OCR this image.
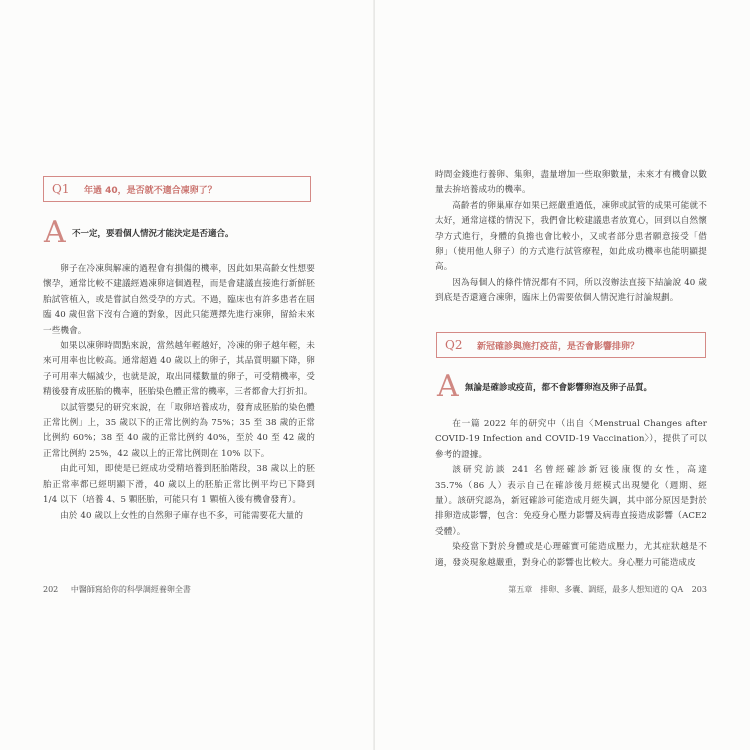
Q1	年過 40，是否就不適合凍卵了？
A 不一定，要看個人情況才能決定是否適合。

卵子在冷凍與解凍的過程會有損傷的機率，因此如果高齡女性想要懷孕，通常比較不建議經過凍卵這個過程，而是會建議直接進行新鮮胚胎試管植入，或是嘗試自然受孕的方式。不過，臨床也有許多患者在屆臨 40 歲但當下沒有合適的對象，因此只能選擇先進行凍卵，留給未來一些機會。

如果以凍卵時間點來說，當然越年輕越好，冷凍的卵子越年輕，未來可用率也比較高。通常超過 40 歲以上的卵子，其品質明顯下降，卵子可用率大幅減少，也就是說，取出同樣數量的卵子，可受精機率，受精後發育成胚胎的機率，胚胎染色體正常的機率，三者都會大打折扣。

以試管嬰兒的研究來說，在「取卵培養成功，發育成胚胎的染色體正常比例」上，35 歲以下的正常比例約為 75%；35 至 38 歲的正常比例約 60%；38 至 40 歲的正常比例約 40%，至於 40 至 42 歲的正常比例約 25%，42 歲以上的正常比例則在 10% 以下。

由此可知，即使是已經成功受精培養到胚胎階段，38 歲以上的胚胎正常率都已經明顯下滑，40 歲以上的胚胎正常比例平均已下降到 1/4 以下（培養 4、5 顆胚胎，可能只有 1 顆植入後有機會發育）。

由於 40 歲以上女性的自然卵子庫存也不多，可能需要花大量的

202 中醫師寫給你的科學調經養卵全書

時間金錢進行養卵、集卵，盡量增加一些取卵數量，未來才有機會以數量去拚培養成功的機率。

高齡者的卵巢庫存如果已經嚴重過低，凍卵或試管的成果可能就不太好，通常這樣的情況下，我們會比較建議患者放寬心，回到以自然懷孕方式進行，身體的負擔也會比較小，又或者部分患者願意接受「借卵」（使用他人卵子）的方式進行試管療程，如此成功機率也能明顯提高。

因為每個人的條件情況都有不同，所以沒辦法直接下結論說 40 歲到底是否還適合凍卵，臨床上仍需要依個人情況進行討論規劃。

Q2	新冠確診與施打疫苗，是否會影響排卵？
A 無論是確診或疫苗，都不會影響卵泡及卵子品質。

在一篇 2022 年的研究中（出自〈Menstrual Changes after COVID-19 Infection and COVID-19 Vaccination〉），提供了可以參考的證據。

該研究訪談 241 名曾經確診新冠後康復的女性，高達 35.7%（86 人）表示自己在確診後月經模式出現變化（週期、經量）。該研究認為，新冠確診可能造成月經失調，其中部分原因是對於排卵造成影響，包含：免疫身心壓力影響及病毒直接造成影響（ACE2 受體）。

染疫當下對於身體或是心理確實可能造成壓力，尤其症狀越是不適，發炎現象越嚴重，對身心的影響也比較大。身心壓力可能造成皮

第五章　排卵、多囊、調經，最多人想知道的 QA 203
